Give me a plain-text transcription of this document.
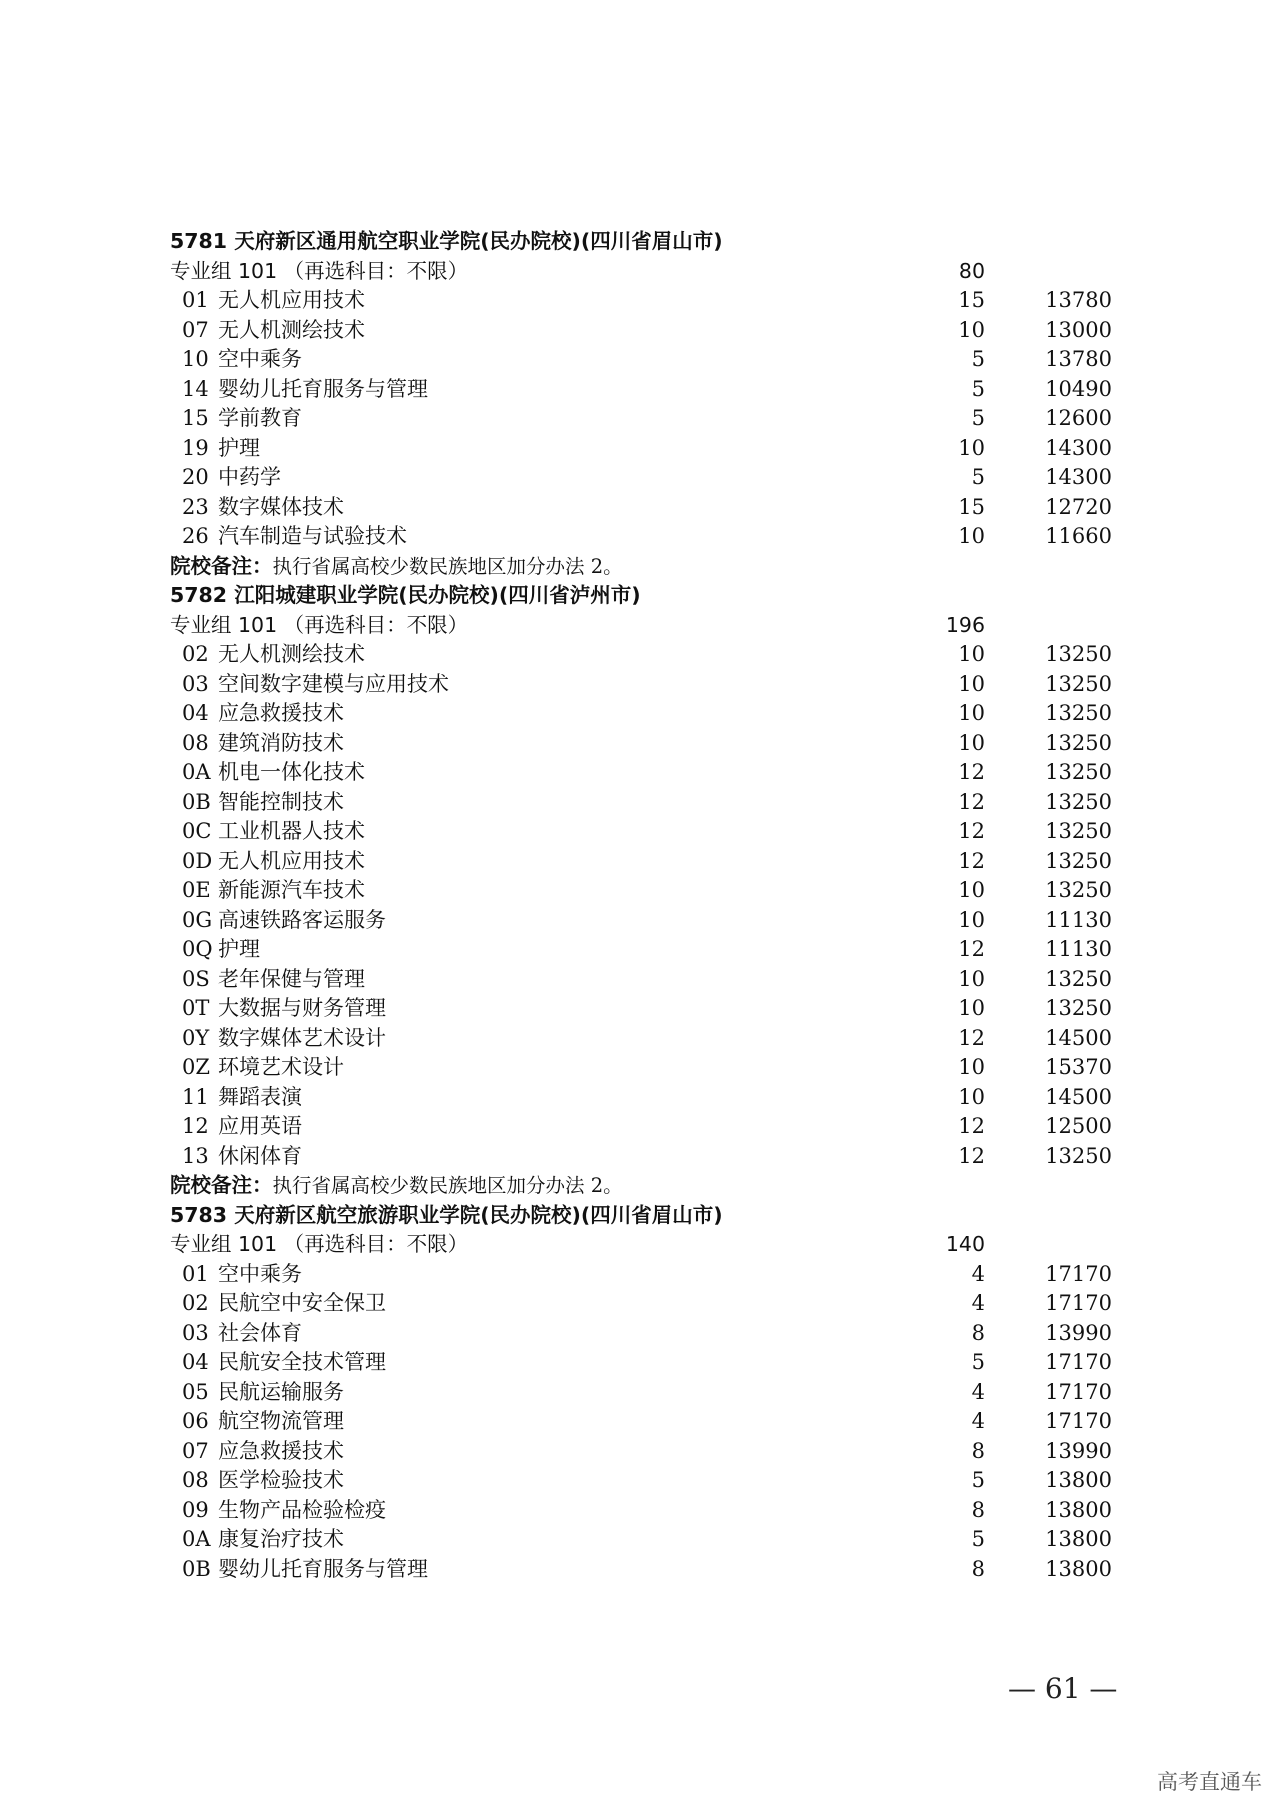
5781 天府新区通用航空职业学院(民办院校)(四川省眉山市)
专业组 101 （再选科目：不限）	80
01 无人机应用技术	15	13780
07 无人机测绘技术	10	13000
10 空中乘务	5	13780
14 婴幼儿托育服务与管理	5	10490
15 学前教育	5	12600
19 护理	10	14300
20 中药学	5	14300
23 数字媒体技术	15	12720
26 汽车制造与试验技术	10	11660
院校备注：执行省属高校少数民族地区加分办法 2。
5782 江阳城建职业学院(民办院校)(四川省泸州市)
专业组 101 （再选科目：不限）	196
02 无人机测绘技术	10	13250
03 空间数字建模与应用技术	10	13250
04 应急救援技术	10	13250
08 建筑消防技术	10	13250
0A 机电一体化技术	12	13250
0B 智能控制技术	12	13250
0C 工业机器人技术	12	13250
0D 无人机应用技术	12	13250
0E 新能源汽车技术	10	13250
0G 高速铁路客运服务	10	11130
0Q 护理	12	11130
0S 老年保健与管理	10	13250
0T 大数据与财务管理	10	13250
0Y 数字媒体艺术设计	12	14500
0Z 环境艺术设计	10	15370
11 舞蹈表演	10	14500
12 应用英语	12	12500
13 休闲体育	12	13250
院校备注：执行省属高校少数民族地区加分办法 2。
5783 天府新区航空旅游职业学院(民办院校)(四川省眉山市)
专业组 101 （再选科目：不限）	140
01 空中乘务	4	17170
02 民航空中安全保卫	4	17170
03 社会体育	8	13990
04 民航安全技术管理	5	17170
05 民航运输服务	4	17170
06 航空物流管理	4	17170
07 应急救援技术	8	13990
08 医学检验技术	5	13800
09 生物产品检验检疫	8	13800
0A 康复治疗技术	5	13800
0B 婴幼儿托育服务与管理	8	13800
— 61 —
高考直通车
